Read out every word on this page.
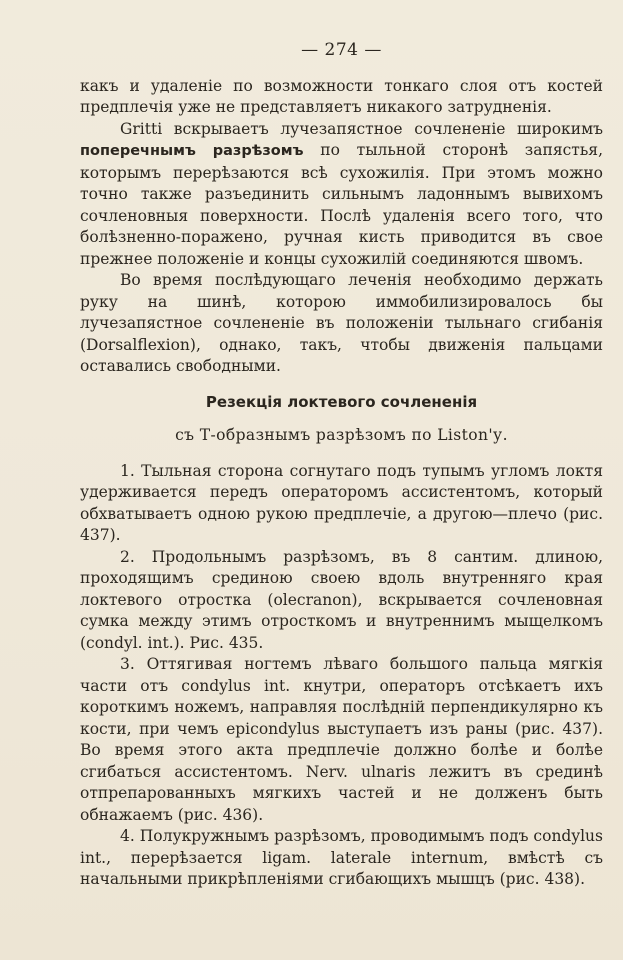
— 274 —

какъ и удаленіе по возможности тонкаго слоя отъ костей предплечія уже не представляетъ никакого затрудненія.

Gritti вскрываетъ лучезапястное сочлененіе широкимъ поперечнымъ разрѣзомъ по тыльной сторонѣ запястья, которымъ перерѣзаются всѣ сухожилія. При этомъ можно точно также разъединить сильнымъ ладоннымъ вывихомъ сочленовныя поверхности. Послѣ удаленія всего того, что болѣзненно-поражено, ручная кисть приводится въ свое прежнее положеніе и концы сухожилій соединяются швомъ.

Во время послѣдующаго леченія необходимо держать руку на шинѣ, которою иммобилизировалось бы лучезапястное сочлененіе въ положеніи тыльнаго сгибанія (Dorsalflexion), однако, такъ, чтобы движенія пальцами оставались свободными.

Резекція локтевого сочлененія
съ Т-образнымъ разрѣзомъ по Liston'у.

1. Тыльная сторона согнутаго подъ тупымъ угломъ локтя удерживается передъ операторомъ ассистентомъ, который обхватываетъ одною рукою предплечіе, а другою—плечо (рис. 437).

2. Продольнымъ разрѣзомъ, въ 8 сантим. длиною, проходящимъ срединою своею вдоль внутренняго края локтевого отростка (olecranon), вскрывается сочленовная сумка между этимъ отросткомъ и внутреннимъ мыщелкомъ (condyl. int.). Рис. 435.

3. Оттягивая ногтемъ лѣваго большого пальца мягкія части отъ condylus int. кнутри, операторъ отсѣкаетъ ихъ короткимъ ножемъ, направляя послѣдній перпендикулярно къ кости, при чемъ epicondylus выступаетъ изъ раны (рис. 437). Во время этого акта предплечіе должно болѣе и болѣе сгибаться ассистентомъ. Nerv. ulnaris лежитъ въ срединѣ отпрепарованныхъ мягкихъ частей и не долженъ быть обнажаемъ (рис. 436).

4. Полукружнымъ разрѣзомъ, проводимымъ подъ condylus int., перерѣзается ligam. laterale internum, вмѣстѣ съ начальными прикрѣпленіями сгибающихъ мышцъ (рис. 438).
